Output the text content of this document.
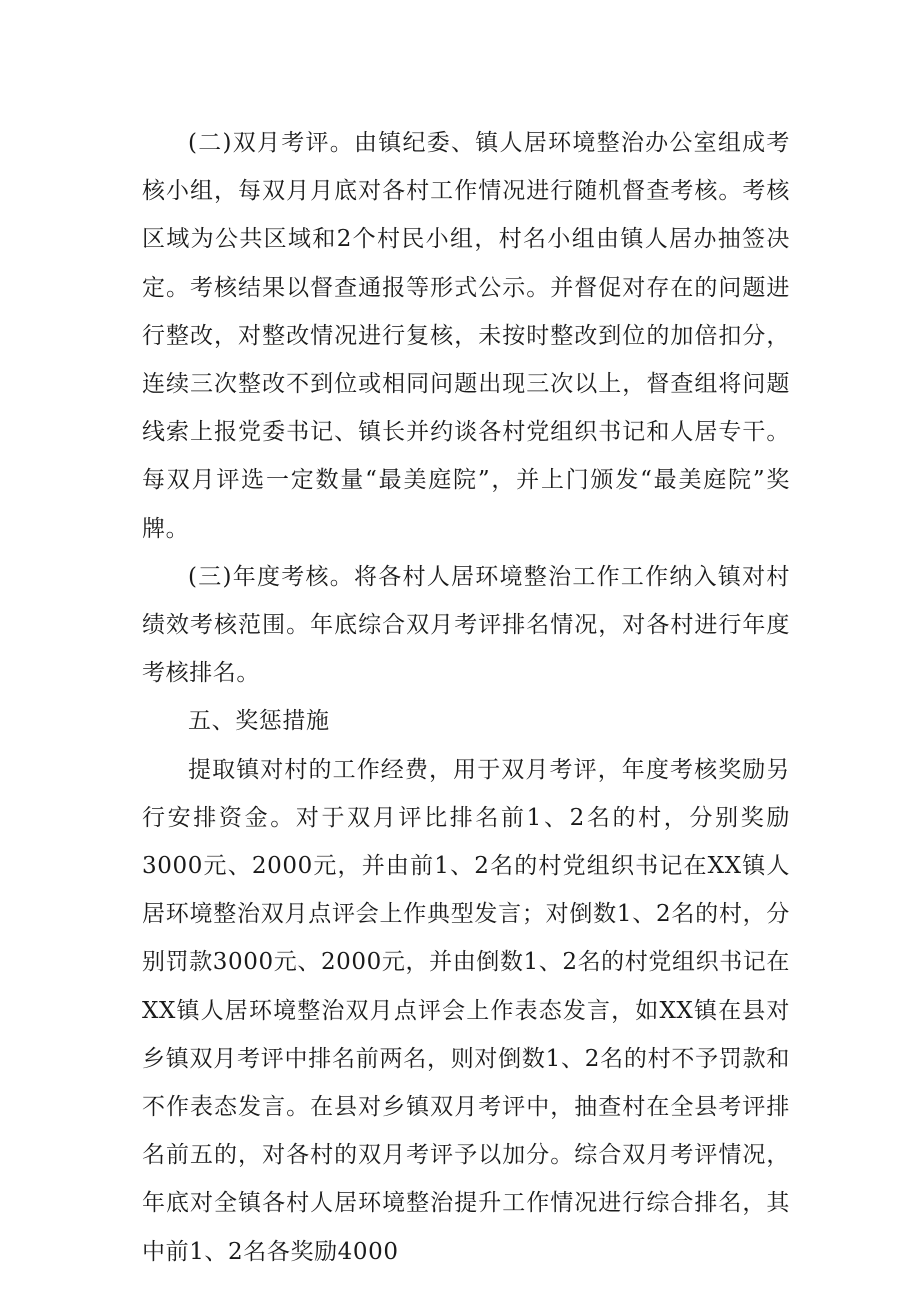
(二)双月考评。由镇纪委、镇人居环境整治办公室组成考核小组，每双月月底对各村工作情况进行随机督查考核。考核区域为公共区域和2个村民小组，村名小组由镇人居办抽签决定。考核结果以督查通报等形式公示。并督促对存在的问题进行整改，对整改情况进行复核，未按时整改到位的加倍扣分，连续三次整改不到位或相同问题出现三次以上，督查组将问题线索上报党委书记、镇长并约谈各村党组织书记和人居专干。每双月评选一定数量“最美庭院”，并上门颁发“最美庭院”奖牌。

(三)年度考核。将各村人居环境整治工作工作纳入镇对村绩效考核范围。年底综合双月考评排名情况，对各村进行年度考核排名。

五、奖惩措施

提取镇对村的工作经费，用于双月考评，年度考核奖励另行安排资金。对于双月评比排名前1、2名的村，分别奖励3000元、2000元，并由前1、2名的村党组织书记在XX镇人居环境整治双月点评会上作典型发言；对倒数1、2名的村，分别罚款3000元、2000元，并由倒数1、2名的村党组织书记在XX镇人居环境整治双月点评会上作表态发言，如XX镇在县对乡镇双月考评中排名前两名，则对倒数1、2名的村不予罚款和不作表态发言。在县对乡镇双月考评中，抽查村在全县考评排名前五的，对各村的双月考评予以加分。综合双月考评情况，年底对全镇各村人居环境整治提升工作情况进行综合排名，其中前1、2名各奖励4000
